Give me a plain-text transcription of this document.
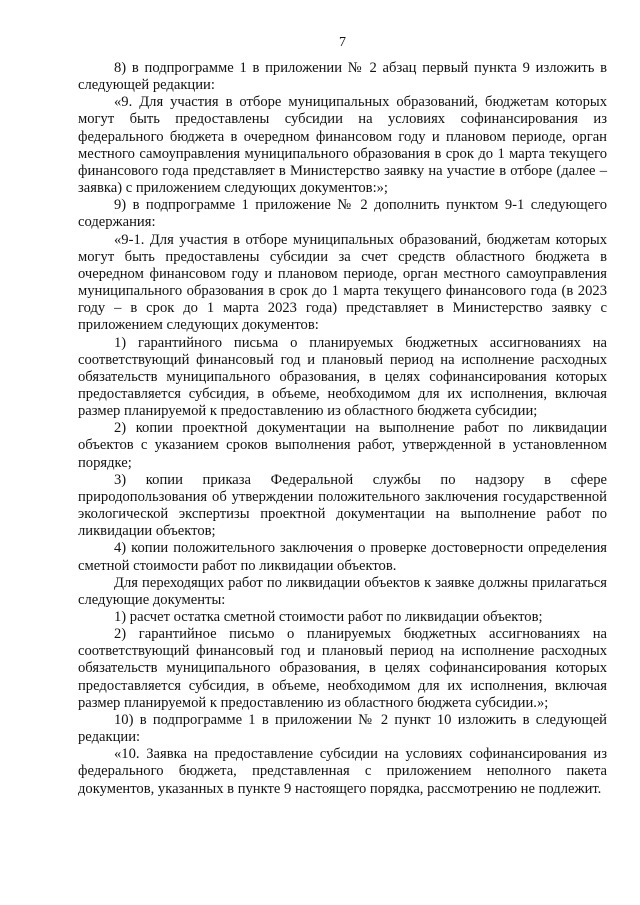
7

8) в подпрограмме 1 в приложении № 2 абзац первый пункта 9 изложить в следующей редакции:

«9. Для участия в отборе муниципальных образований, бюджетам которых могут быть предоставлены субсидии на условиях софинансирования из федерального бюджета в очередном финансовом году и плановом периоде, орган местного самоуправления муниципального образования в срок до 1 марта текущего финансового года представляет в Министерство заявку на участие в отборе (далее – заявка) с приложением следующих документов:»;

9) в подпрограмме 1 приложение № 2 дополнить пунктом 9-1 следующего содержания:

«9-1. Для участия в отборе муниципальных образований, бюджетам которых могут быть предоставлены субсидии за счет средств областного бюджета в очередном финансовом году и плановом периоде, орган местного самоуправления муниципального образования в срок до 1 марта текущего финансового года (в 2023 году – в срок до 1 марта 2023 года) представляет в Министерство заявку с приложением следующих документов:

1) гарантийного письма о планируемых бюджетных ассигнованиях на соответствующий финансовый год и плановый период на исполнение расходных обязательств муниципального образования, в целях софинансирования которых предоставляется субсидия, в объеме, необходимом для их исполнения, включая размер планируемой к предоставлению из областного бюджета субсидии;

2) копии проектной документации на выполнение работ по ликвидации объектов с указанием сроков выполнения работ, утвержденной в установленном порядке;

3) копии приказа Федеральной службы по надзору в сфере природопользования об утверждении положительного заключения государственной экологической экспертизы проектной документации на выполнение работ по ликвидации объектов;

4) копии положительного заключения о проверке достоверности определения сметной стоимости работ по ликвидации объектов.

Для переходящих работ по ликвидации объектов к заявке должны прилагаться следующие документы:

1) расчет остатка сметной стоимости работ по ликвидации объектов;

2) гарантийное письмо о планируемых бюджетных ассигнованиях на соответствующий финансовый год и плановый период на исполнение расходных обязательств муниципального образования, в целях софинансирования которых предоставляется субсидия, в объеме, необходимом для их исполнения, включая размер планируемой к предоставлению из областного бюджета субсидии.»;

10) в подпрограмме 1 в приложении № 2 пункт 10 изложить в следующей редакции:

«10. Заявка на предоставление субсидии на условиях софинансирования из федерального бюджета, представленная с приложением неполного пакета документов, указанных в пункте 9 настоящего порядка, рассмотрению не подлежит.
